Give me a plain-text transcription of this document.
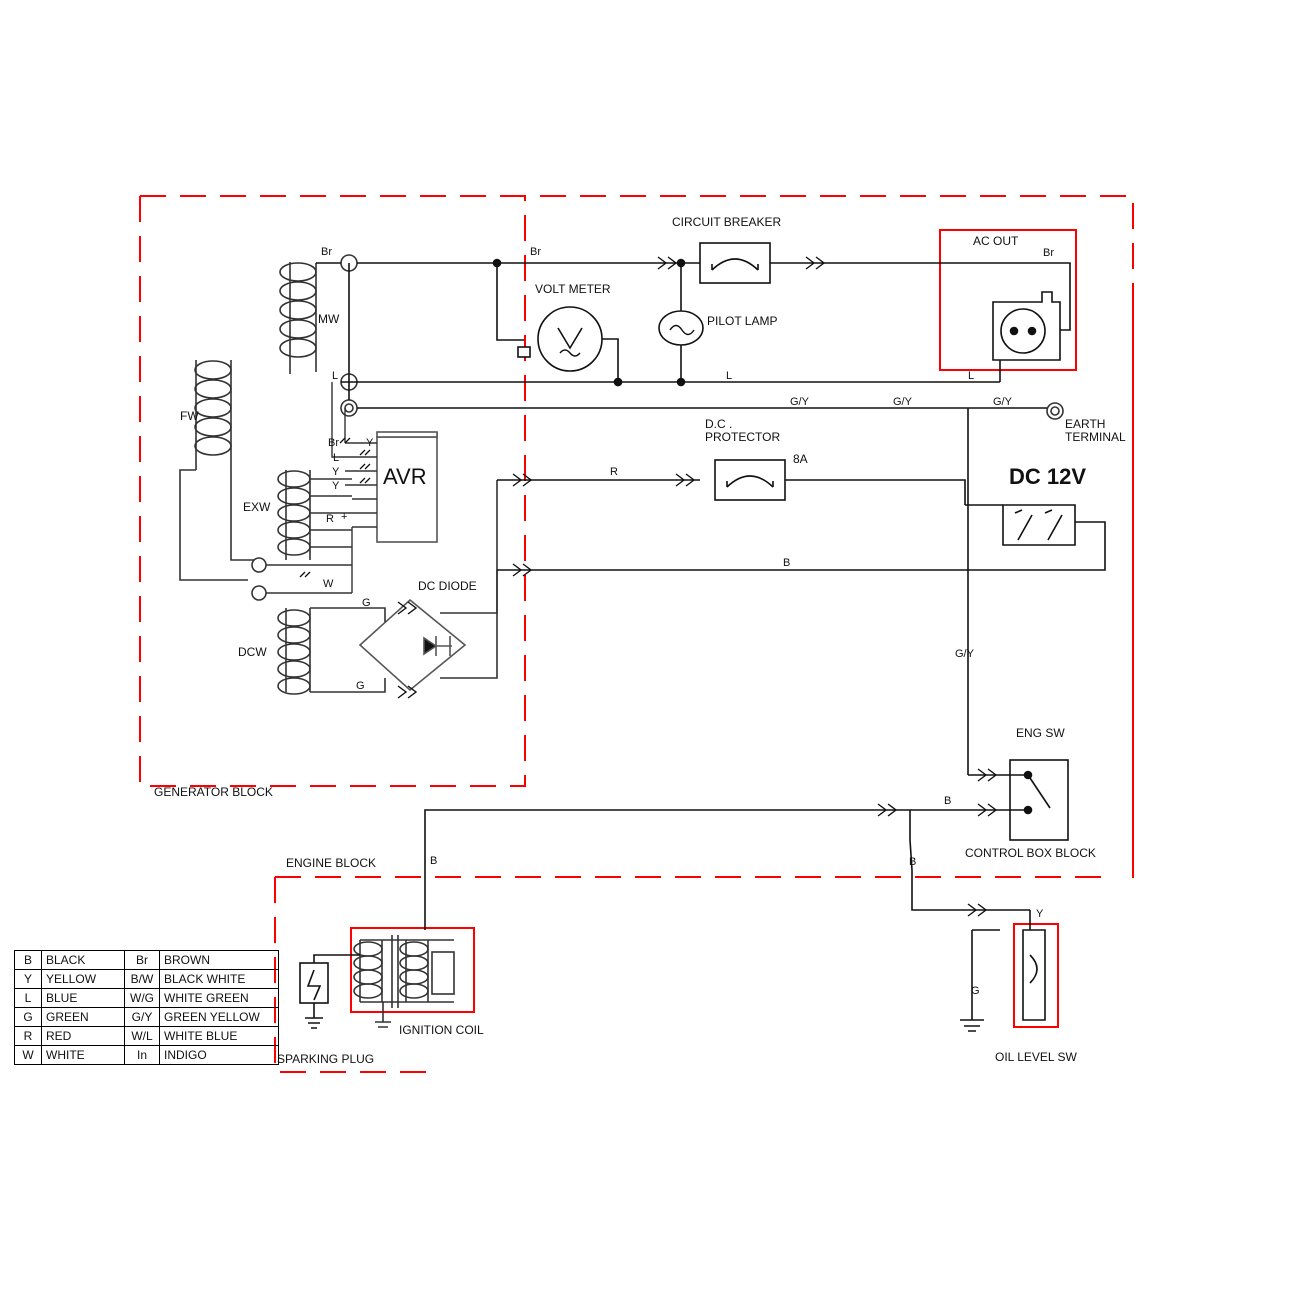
CIRCUIT BREAKER
VOLT METER
PILOT LAMP
AC OUT
EARTH
TERMINAL
D.C .
PROTECTOR
8A
DC 12V
AVR
DC DIODE
ENG SW
OIL LEVEL SW
IGNITION COIL
SPARKING PLUG
GENERATOR BLOCK
ENGINE BLOCK
CONTROL BOX BLOCK
MW
FW
EXW
DCW
Br	Br	Br
L	L	L
G/Y	G/Y	G/Y
G/Y
R
B
W
G
G
Br
L
Y
Y
Y
R +
B
B
B
Y
G
B	BLACK	Br	BROWN
Y	YELLOW	B/W	BLACK WHITE
L	BLUE	W/G	WHITE GREEN
G	GREEN	G/Y	GREEN YELLOW
R	RED	W/L	WHITE BLUE
W	WHITE	In	INDIGO
